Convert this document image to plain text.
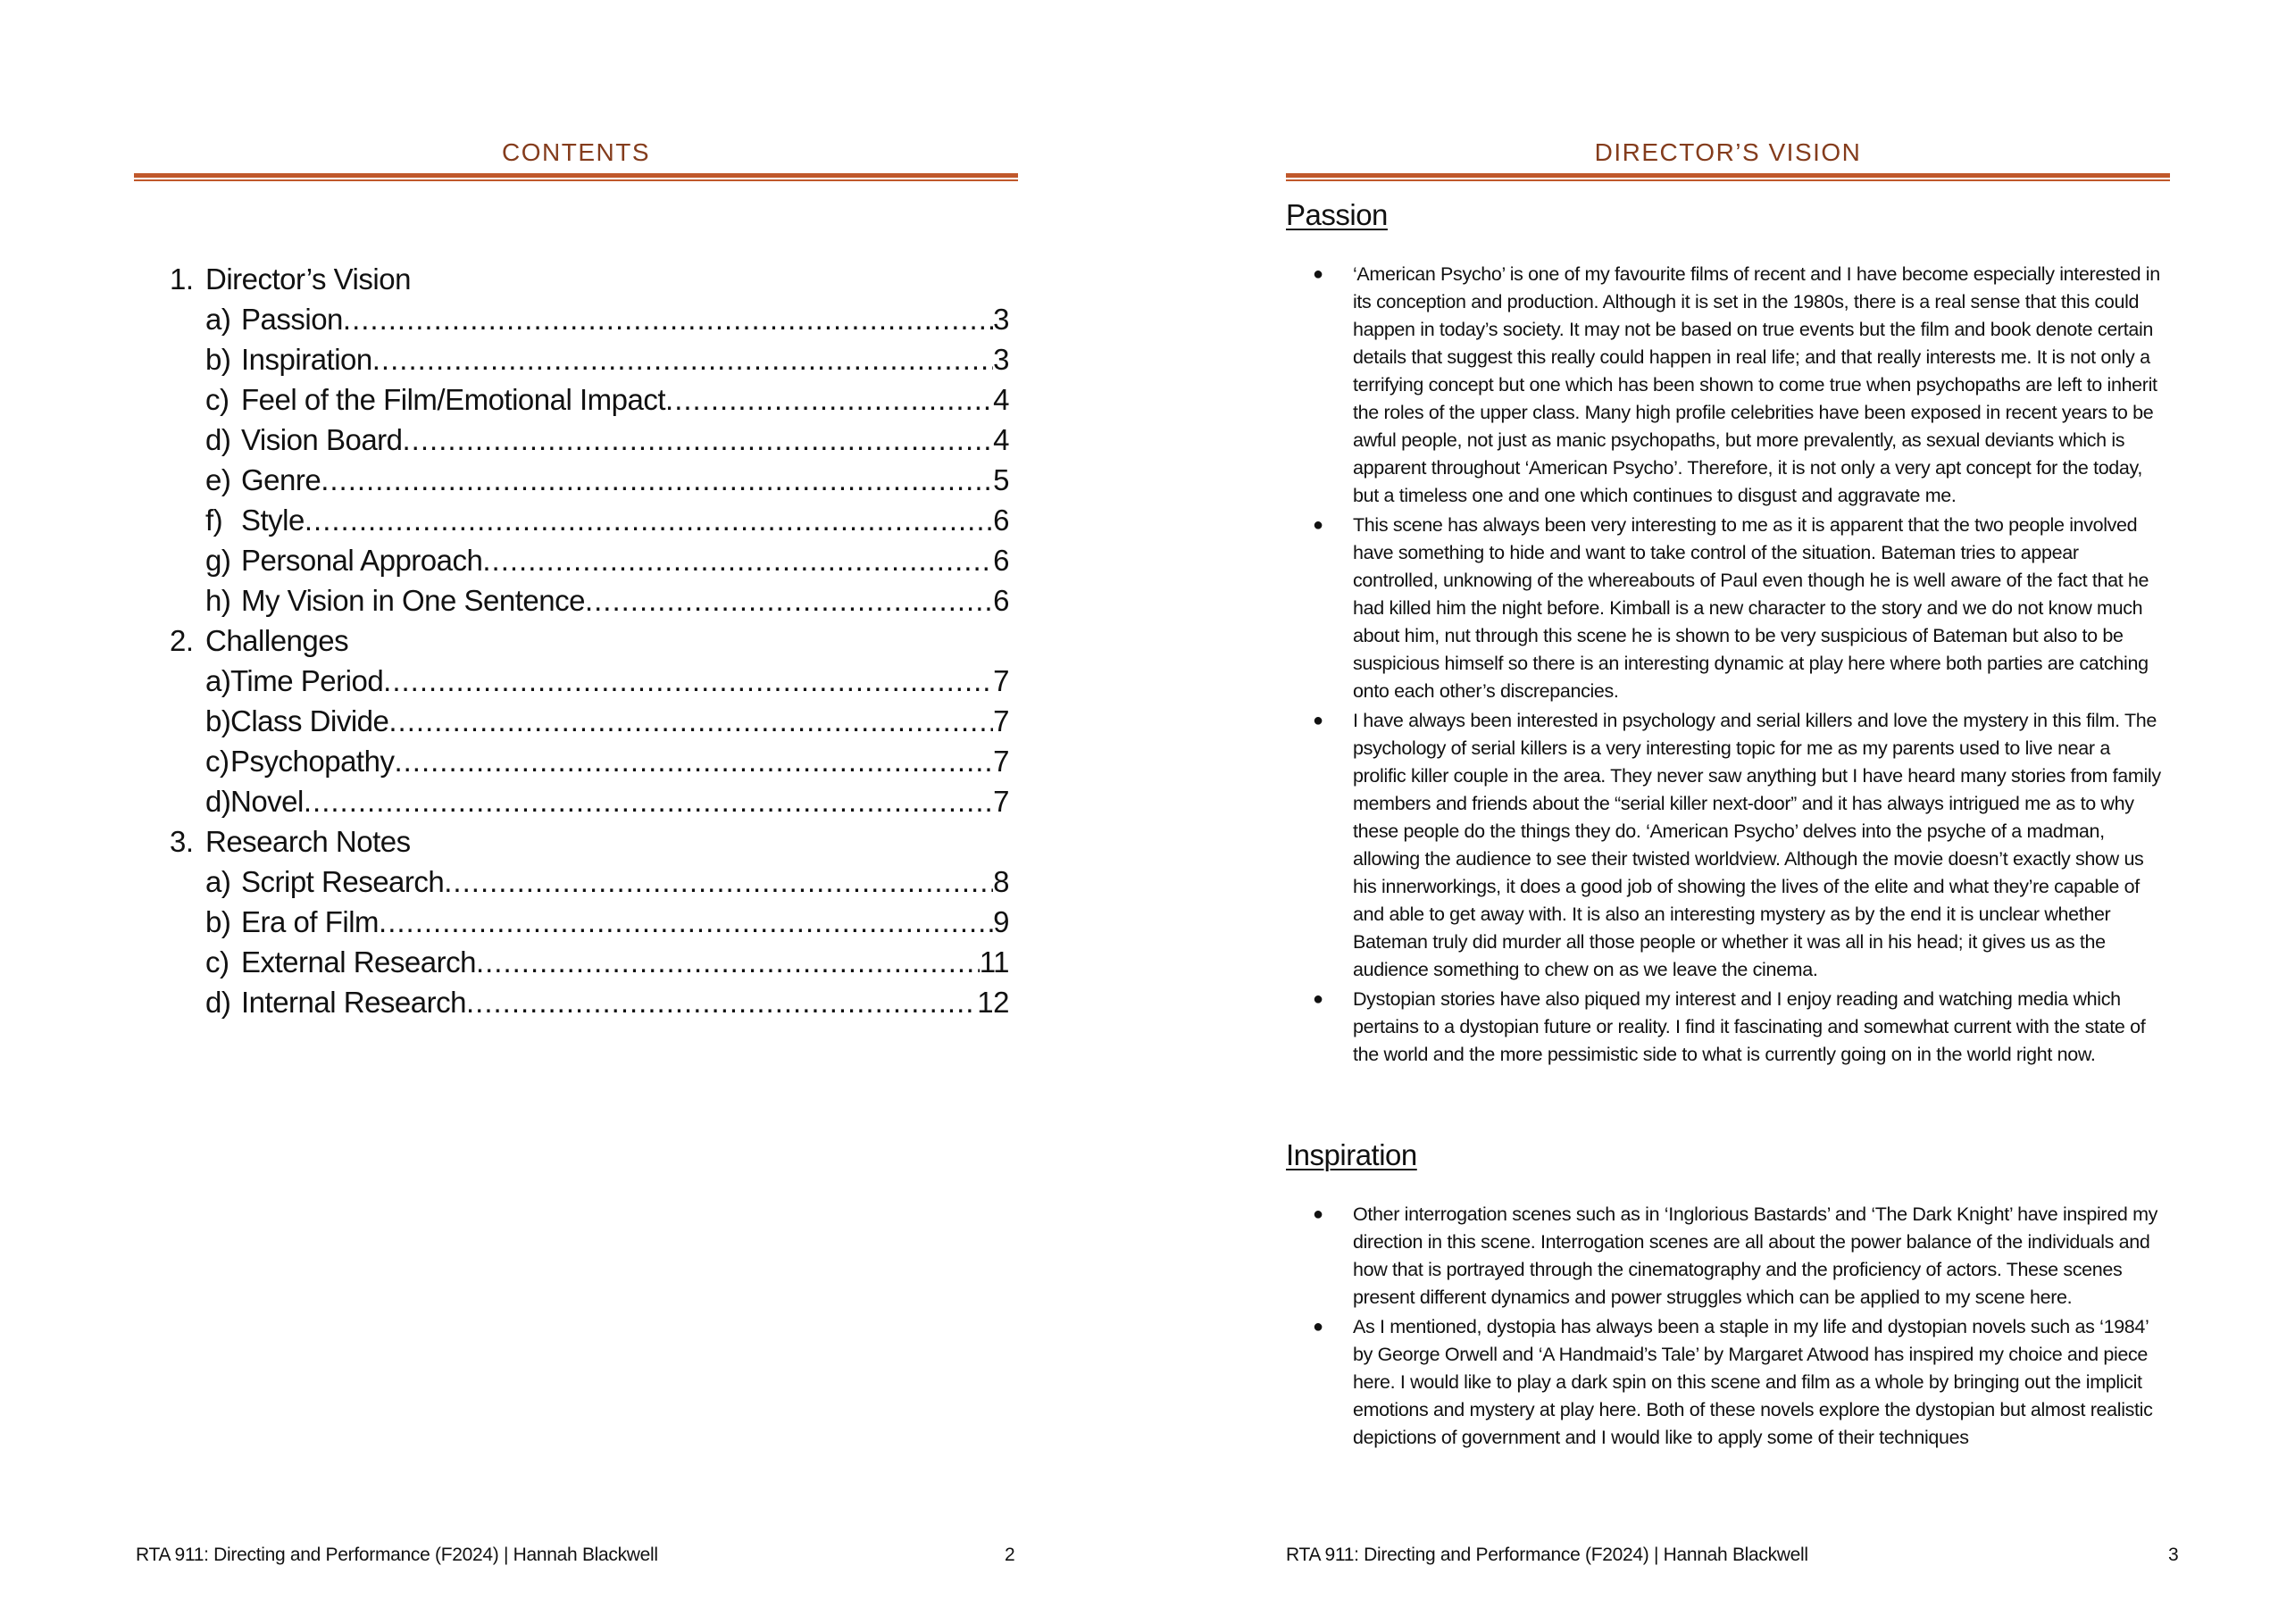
CONTENTS
1. Director’s Vision
a) Passion .....	3
b) Inspiration .....	3
c) Feel of the Film/Emotional Impact .....	4
d) Vision Board .....	4
e) Genre .....	5
f) Style .....	6
g) Personal Approach .....	6
h) My Vision in One Sentence .....	6
2. Challenges
a) Time Period .....	7
b) Class Divide .....	7
c) Psychopathy .....	7
d) Novel .....	7
3. Research Notes
a) Script Research .....	8
b) Era of Film .....	9
c) External Research .....	11
d) Internal Research .....	12
RTA 911: Directing and Performance (F2024) | Hannah Blackwell	2
DIRECTOR’S VISION
Passion
● ‘American Psycho’ is one of my favourite films of recent and I have become especially interested in its conception and production. Although it is set in the 1980s, there is a real sense that this could happen in today’s society. It may not be based on true events but the film and book denote certain details that suggest this really could happen in real life; and that really interests me. It is not only a terrifying concept but one which has been shown to come true when psychopaths are left to inherit the roles of the upper class. Many high profile celebrities have been exposed in recent years to be awful people, not just as manic psychopaths, but more prevalently, as sexual deviants which is apparent throughout ‘American Psycho’. Therefore, it is not only a very apt concept for the today, but a timeless one and one which continues to disgust and aggravate me.
● This scene has always been very interesting to me as it is apparent that the two people involved have something to hide and want to take control of the situation. Bateman tries to appear controlled, unknowing of the whereabouts of Paul even though he is well aware of the fact that he had killed him the night before. Kimball is a new character to the story and we do not know much about him, nut through this scene he is shown to be very suspicious of Bateman but also to be suspicious himself so there is an interesting dynamic at play here where both parties are catching onto each other’s discrepancies.
● I have always been interested in psychology and serial killers and love the mystery in this film. The psychology of serial killers is a very interesting topic for me as my parents used to live near a prolific killer couple in the area. They never saw anything but I have heard many stories from family members and friends about the “serial killer next-door” and it has always intrigued me as to why these people do the things they do. ‘American Psycho’ delves into the psyche of a madman, allowing the audience to see their twisted worldview. Although the movie doesn’t exactly show us his innerworkings, it does a good job of showing the lives of the elite and what they’re capable of and able to get away with. It is also an interesting mystery as by the end it is unclear whether Bateman truly did murder all those people or whether it was all in his head; it gives us as the audience something to chew on as we leave the cinema.
● Dystopian stories have also piqued my interest and I enjoy reading and watching media which pertains to a dystopian future or reality. I find it fascinating and somewhat current with the state of the world and the more pessimistic side to what is currently going on in the world right now.
Inspiration
● Other interrogation scenes such as in ‘Inglorious Bastards’ and ‘The Dark Knight’ have inspired my direction in this scene. Interrogation scenes are all about the power balance of the individuals and how that is portrayed through the cinematography and the proficiency of actors. These scenes present different dynamics and power struggles which can be applied to my scene here.
● As I mentioned, dystopia has always been a staple in my life and dystopian novels such as ‘1984’ by George Orwell and ‘A Handmaid’s Tale’ by Margaret Atwood has inspired my choice and piece here. I would like to play a dark spin on this scene and film as a whole by bringing out the implicit emotions and mystery at play here. Both of these novels explore the dystopian but almost realistic depictions of government and I would like to apply some of their techniques
RTA 911: Directing and Performance (F2024) | Hannah Blackwell	3
